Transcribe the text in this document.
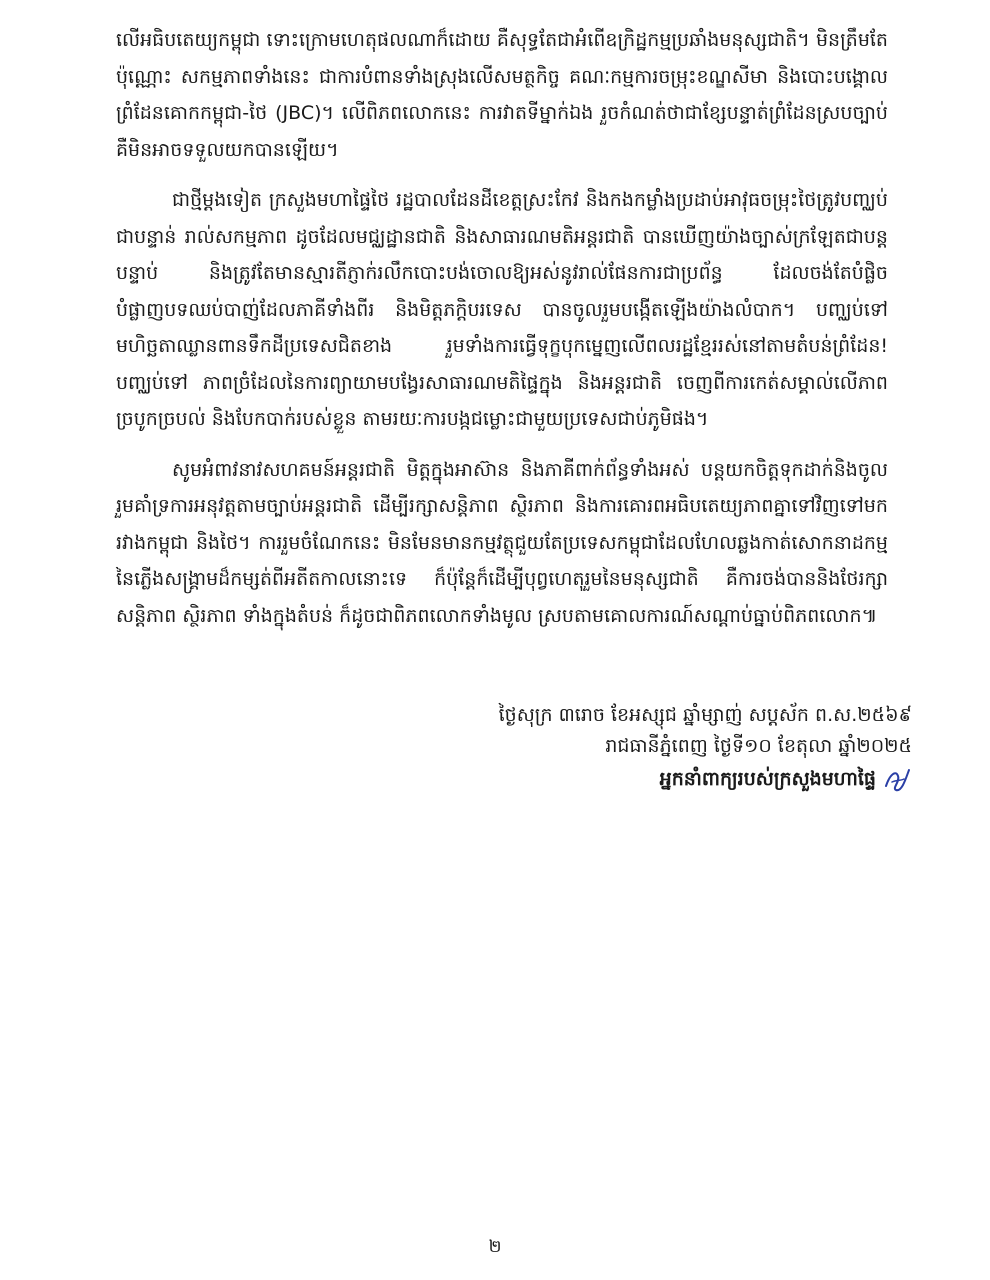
លើអធិបតេយ្យកម្ពុជា ទោះក្រោមហេតុផលណាក៏ដោយ គឺសុទ្ធតែជាអំពើឧក្រិដ្ឋកម្មប្រឆាំងមនុស្សជាតិ។ មិនត្រឹមតែប៉ុណ្ណោះ សកម្មភាពទាំងនេះ ជាការបំពានទាំងស្រុងលើសមត្ថកិច្ច គណៈកម្មការចម្រុះខណ្ឌសីមា និងបោះបង្គោលព្រំដែនគោកកម្ពុជា-ថៃ (JBC)។ លើពិភពលោកនេះ ការវាតទីម្នាក់ឯង រួចកំណត់ថាជាខ្សែបន្ទាត់ព្រំដែនស្របច្បាប់ គឺមិនអាចទទួលយកបានឡើយ។

ជាថ្មីម្តងទៀត ក្រសួងមហាផ្ទៃថៃ រដ្ឋបាលដែនដីខេត្តស្រះកែវ និងកងកម្លាំងប្រដាប់អាវុធចម្រុះថៃត្រូវបញ្ឈប់ជាបន្ទាន់ រាល់សកម្មភាព ដូចដែលមជ្ឈដ្ឋានជាតិ និងសាធារណមតិអន្តរជាតិ បានឃើញយ៉ាងច្បាស់ក្រឡែតជាបន្តបន្ទាប់ និងត្រូវតែមានស្មារតីភ្ញាក់រលឹកបោះបង់ចោលឱ្យអស់នូវរាល់ផែនការជាប្រព័ន្ធ ដែលចង់តែបំផ្លិចបំផ្លាញបទឈប់បាញ់ដែលភាគីទាំងពីរ និងមិត្តភក្តិបរទេស បានចូលរួមបង្កើតឡើងយ៉ាងលំបាក។ បញ្ឈប់ទៅ មហិច្ឆតាឈ្លានពានទឹកដីប្រទេសជិតខាង រួមទាំងការធ្វើទុក្ខបុកម្នេញលើពលរដ្ឋខ្មែររស់នៅតាមតំបន់ព្រំដែន! បញ្ឈប់ទៅ ភាពច្រំដែលនៃការព្យាយាមបង្វែរសាធារណមតិផ្ទៃក្នុង និងអន្តរជាតិ ចេញពីការកេត់សម្គាល់លើភាពច្របូកច្របល់ និងបែកបាក់របស់ខ្លួន តាមរយៈការបង្កជម្លោះជាមួយប្រទេសជាប់ភូមិផង។

សូមអំពាវនាវសហគមន៍អន្តរជាតិ មិត្តក្នុងអាស៊ាន និងភាគីពាក់ព័ន្ធទាំងអស់ បន្តយកចិត្តទុកដាក់និងចូលរួមគាំទ្រការអនុវត្តតាមច្បាប់អន្តរជាតិ ដើម្បីរក្សាសន្តិភាព ស្ថិរភាព និងការគោរពអធិបតេយ្យភាពគ្នាទៅវិញទៅមករវាងកម្ពុជា និងថៃ។ ការរួមចំណែកនេះ មិនមែនមានកម្មវត្ថុជួយតែប្រទេសកម្ពុជាដែលហែលឆ្លងកាត់សោកនាដកម្មនៃភ្លើងសង្គ្រាមដ៏កម្សត់ពីអតីតកាលនោះទេ ក៏ប៉ុន្តែក៏ដើម្បីបុព្វហេតុរួមនៃមនុស្សជាតិ គឺការចង់បាននិងថែរក្សាសន្តិភាព ស្ថិរភាព ទាំងក្នុងតំបន់ ក៏ដូចជាពិភពលោកទាំងមូល ស្របតាមគោលការណ៍សណ្តាប់ធ្នាប់ពិភពលោក៕

ថ្ងៃសុក្រ ៣រោច ខែអស្សុជ ឆ្នាំម្សាញ់ សប្តស័ក ព.ស.២៥៦៩
រាជធានីភ្នំពេញ ថ្ងៃទី១០ ខែតុលា ឆ្នាំ២០២៥
អ្នកនាំពាក្យរបស់ក្រសួងមហាផ្ទៃ
២
